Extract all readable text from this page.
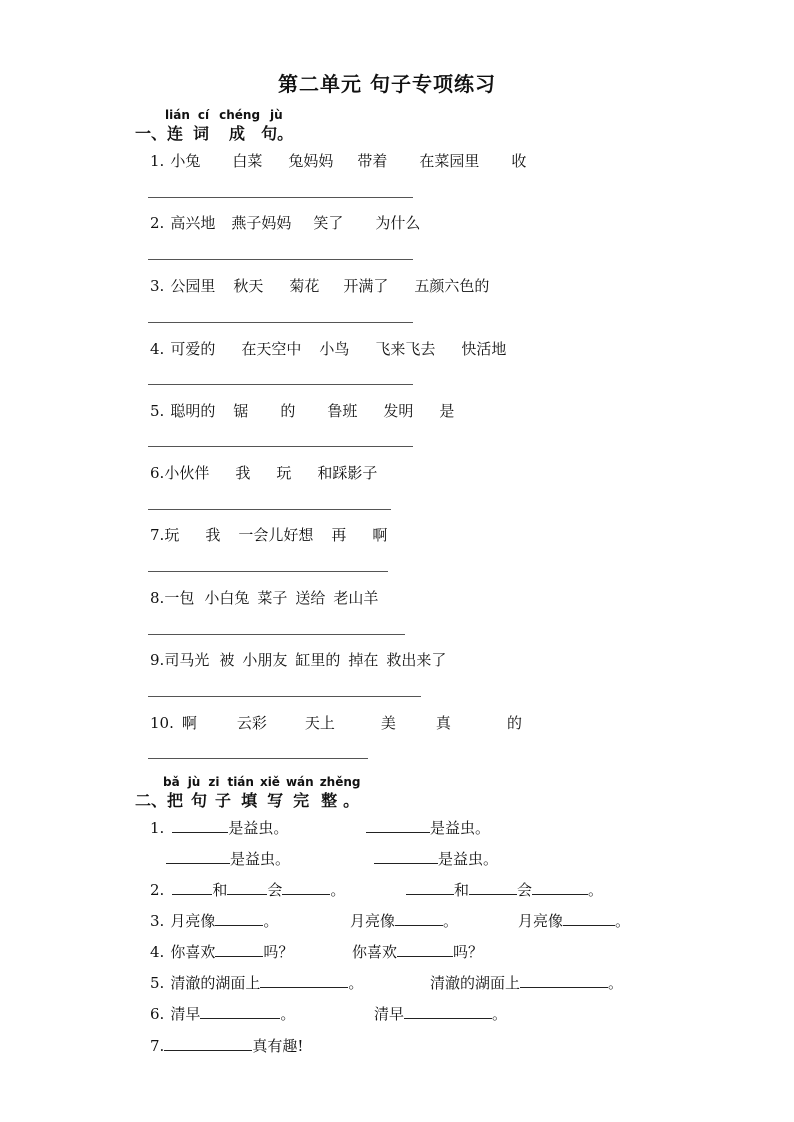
第二单元 句子专项练习
lián cí chéng jù
一、连 词 成 句。
1. 小兔 白菜 兔妈妈 带着 在菜园里 收
2. 高兴地 燕子妈妈 笑了 为什么
3. 公园里 秋天 菊花 开满了 五颜六色的
4. 可爱的 在天空中 小鸟 飞来飞去 快活地
5. 聪明的 锯 的 鲁班 发明 是
6.小伙伴 我 玩 和踩影子
7.玩 我 一会儿好想 再 啊
8.一包 小白兔 菜子 送给 老山羊
9.司马光 被 小朋友 缸里的 掉在 救出来了
10. 啊	云彩	天上	美	真	的
bǎ jù zi tián xiě wán zhěng
二、把 句 子 填 写 完 整 。
1.	是益虫。	是益虫。
是益虫。	是益虫。
2.	和	会	。	和	会	。
3. 月亮像	。	月亮像	。	月亮像	。
4. 你喜欢	吗？	你喜欢	吗？
5. 清澈的湖面上	。	清澈的湖面上	。
6. 清早	。	清早	。
7.	真有趣!
